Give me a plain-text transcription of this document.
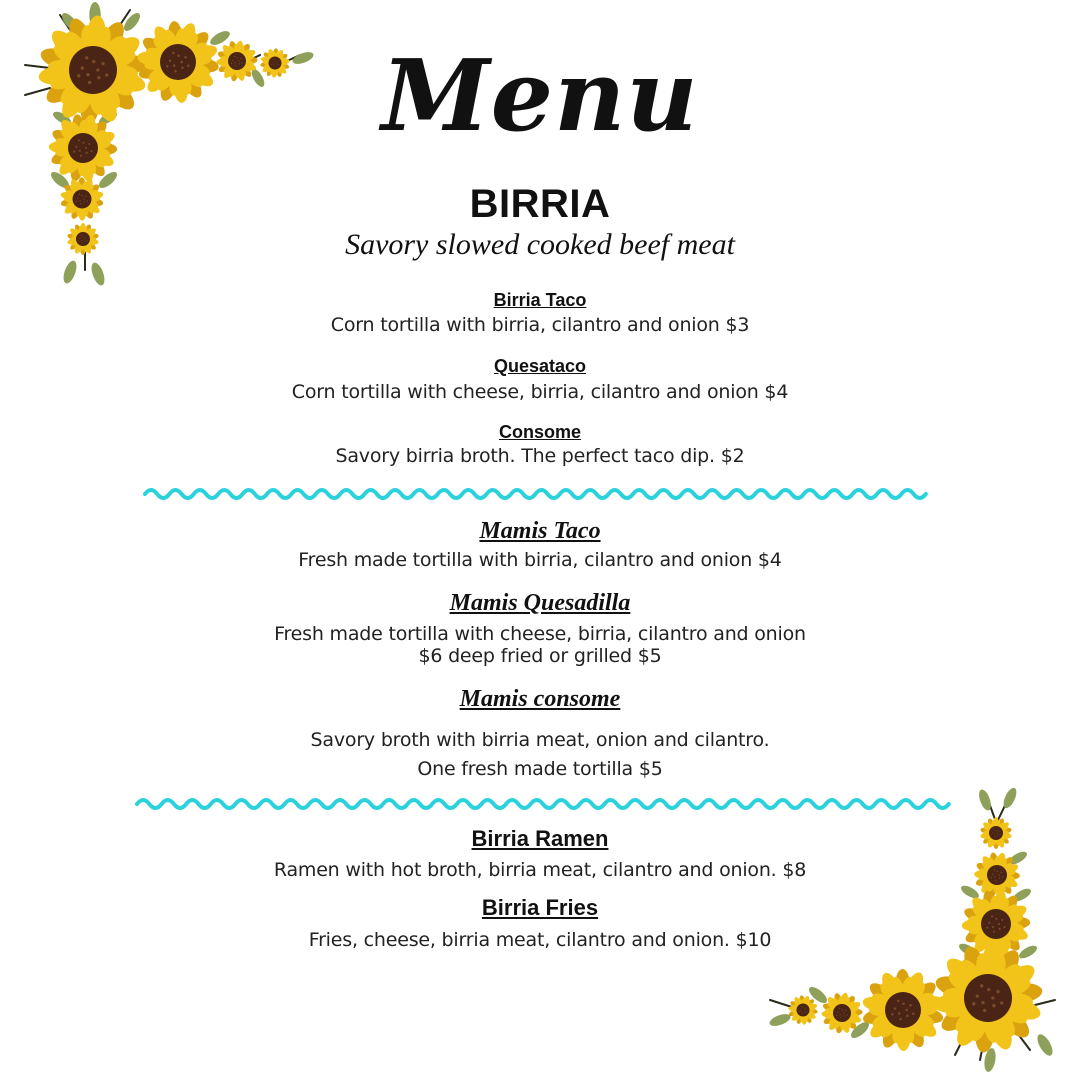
Menu
BIRRIA
Savory slowed cooked beef meat
Birria Taco
Corn tortilla with birria, cilantro and onion $3
Quesataco
Corn tortilla with cheese, birria, cilantro and onion $4
Consome
Savory birria broth. The perfect taco dip. $2
Mamis Taco
Fresh made tortilla with birria, cilantro and onion $4
Mamis Quesadilla
Fresh made tortilla with cheese, birria, cilantro and onion
$6 deep fried or grilled $5
Mamis consome
Savory broth with birria meat, onion and cilantro.
One fresh made tortilla $5
Birria Ramen
Ramen with hot broth, birria meat, cilantro and onion. $8
Birria Fries
Fries, cheese, birria meat, cilantro and onion. $10
